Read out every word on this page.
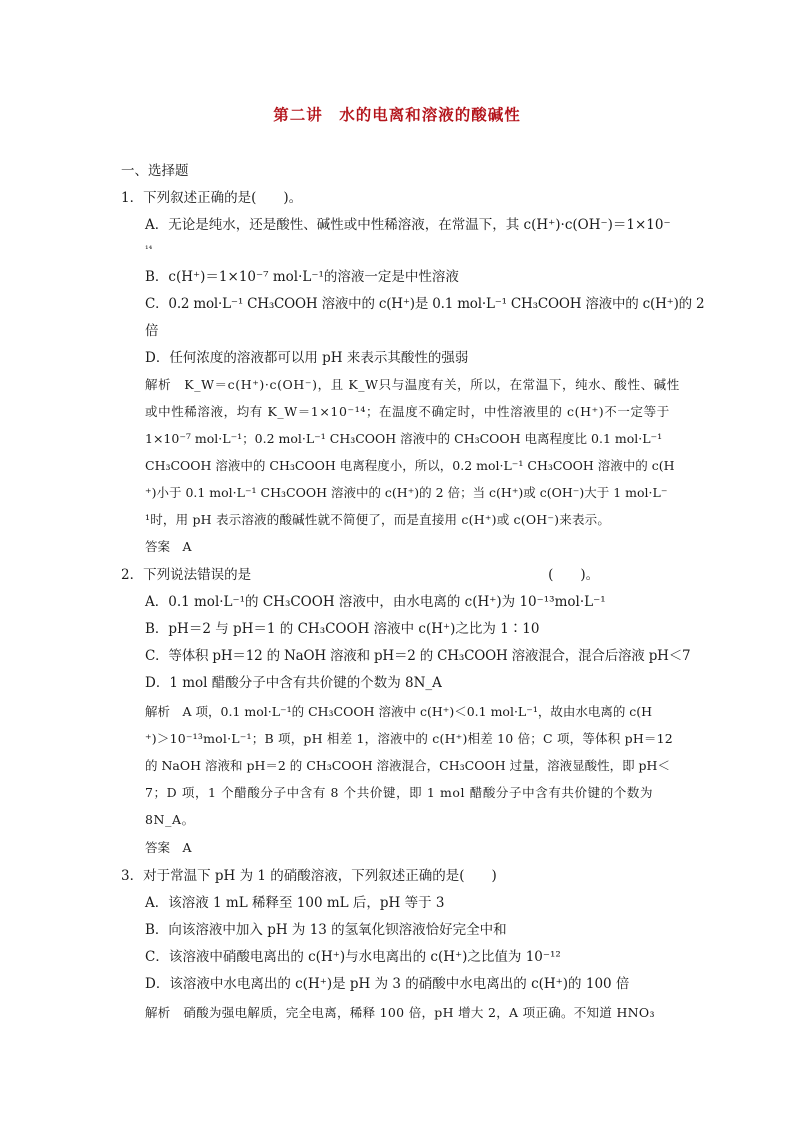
第二讲　水的电离和溶液的酸碱性
一、选择题
1．下列叙述正确的是(　　)。
A．无论是纯水，还是酸性、碱性或中性稀溶液，在常温下，其 c(H⁺)·c(OH⁻)＝1×10⁻
¹⁴
B．c(H⁺)＝1×10⁻⁷ mol·L⁻¹的溶液一定是中性溶液
C．0.2 mol·L⁻¹ CH₃COOH 溶液中的 c(H⁺)是 0.1 mol·L⁻¹ CH₃COOH 溶液中的 c(H⁺)的 2
倍
D．任何浓度的溶液都可以用 pH 来表示其酸性的强弱
解析　K_W＝c(H⁺)·c(OH⁻)，且 K_W只与温度有关，所以，在常温下，纯水、酸性、碱性
或中性稀溶液，均有 K_W＝1×10⁻¹⁴；在温度不确定时，中性溶液里的 c(H⁺)不一定等于
1×10⁻⁷ mol·L⁻¹；0.2 mol·L⁻¹ CH₃COOH 溶液中的 CH₃COOH 电离程度比 0.1 mol·L⁻¹
CH₃COOH 溶液中的 CH₃COOH 电离程度小，所以，0.2 mol·L⁻¹ CH₃COOH 溶液中的 c(H
⁺)小于 0.1 mol·L⁻¹ CH₃COOH 溶液中的 c(H⁺)的 2 倍；当 c(H⁺)或 c(OH⁻)大于 1 mol·L⁻
¹时，用 pH 表示溶液的酸碱性就不简便了，而是直接用 c(H⁺)或 c(OH⁻)来表示。
答案　A
2．下列说法错误的是　　　　　　　　　　　　　　　　　　　　　　(　　)。
A．0.1 mol·L⁻¹的 CH₃COOH 溶液中，由水电离的 c(H⁺)为 10⁻¹³mol·L⁻¹
B．pH＝2 与 pH＝1 的 CH₃COOH 溶液中 c(H⁺)之比为 1∶10
C．等体积 pH＝12 的 NaOH 溶液和 pH＝2 的 CH₃COOH 溶液混合，混合后溶液 pH＜7
D．1 mol 醋酸分子中含有共价键的个数为 8N_A
解析　A 项，0.1 mol·L⁻¹的 CH₃COOH 溶液中 c(H⁺)＜0.1 mol·L⁻¹，故由水电离的 c(H
⁺)＞10⁻¹³mol·L⁻¹；B 项，pH 相差 1，溶液中的 c(H⁺)相差 10 倍；C 项，等体积 pH＝12
的 NaOH 溶液和 pH＝2 的 CH₃COOH 溶液混合，CH₃COOH 过量，溶液显酸性，即 pH＜
7；D 项，1 个醋酸分子中含有 8 个共价键，即 1 mol 醋酸分子中含有共价键的个数为
8N_A。
答案　A
3．对于常温下 pH 为 1 的硝酸溶液，下列叙述正确的是(　　)
A．该溶液 1 mL 稀释至 100 mL 后，pH 等于 3
B．向该溶液中加入 pH 为 13 的氢氧化钡溶液恰好完全中和
C．该溶液中硝酸电离出的 c(H⁺)与水电离出的 c(H⁺)之比值为 10⁻¹²
D．该溶液中水电离出的 c(H⁺)是 pH 为 3 的硝酸中水电离出的 c(H⁺)的 100 倍
解析　硝酸为强电解质，完全电离，稀释 100 倍，pH 增大 2，A 项正确。不知道 HNO₃
